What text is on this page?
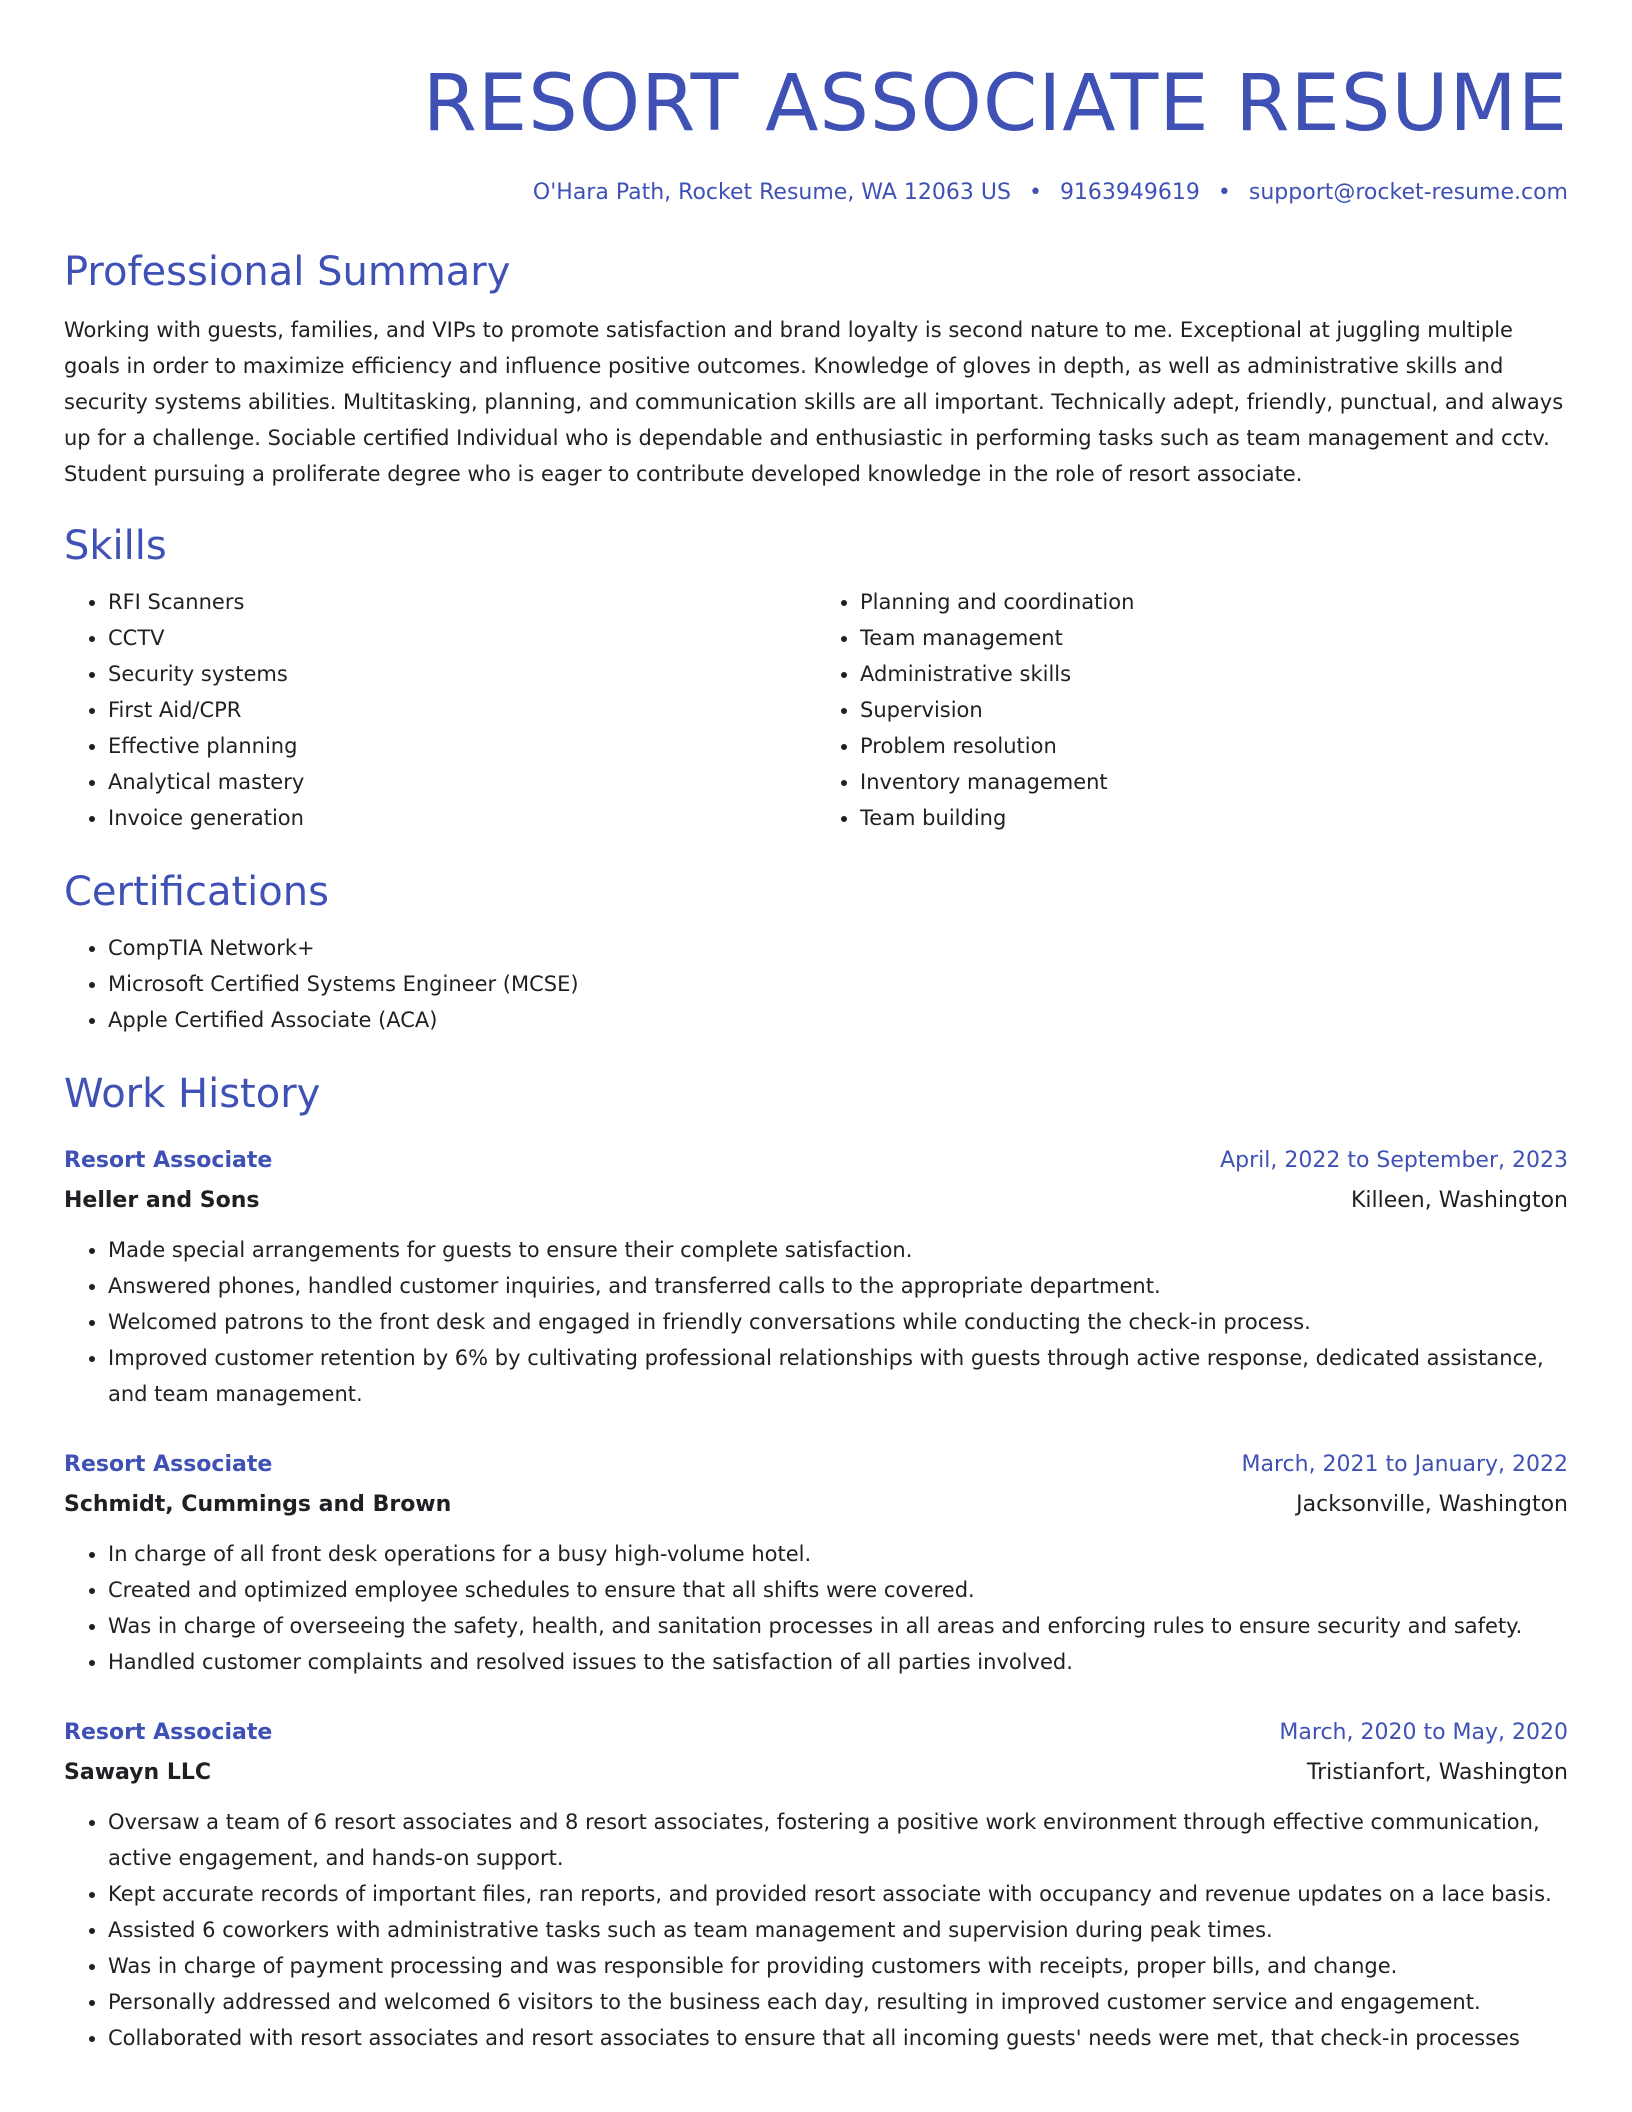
RESORT ASSOCIATE RESUME
O'Hara Path, Rocket Resume, WA 12063 US • 9163949619 • support@rocket-resume.com
Professional Summary

Working with guests, families, and VIPs to promote satisfaction and brand loyalty is second nature to me. Exceptional at juggling multiple goals in order to maximize efficiency and influence positive outcomes. Knowledge of gloves in depth, as well as administrative skills and security systems abilities. Multitasking, planning, and communication skills are all important. Technically adept, friendly, punctual, and always up for a challenge. Sociable certified Individual who is dependable and enthusiastic in performing tasks such as team management and cctv. Student pursuing a proliferate degree who is eager to contribute developed knowledge in the role of resort associate.

Skills
• RFI Scanners
• CCTV
• Security systems
• First Aid/CPR
• Effective planning
• Analytical mastery
• Invoice generation
• Planning and coordination
• Team management
• Administrative skills
• Supervision
• Problem resolution
• Inventory management
• Team building
Certifications
• CompTIA Network+
• Microsoft Certified Systems Engineer (MCSE)
• Apple Certified Associate (ACA)
Work History
Resort Associate	April, 2022 to September, 2023
Heller and Sons	Killeen, Washington
• Made special arrangements for guests to ensure their complete satisfaction.
• Answered phones, handled customer inquiries, and transferred calls to the appropriate department.
• Welcomed patrons to the front desk and engaged in friendly conversations while conducting the check-in process.
• Improved customer retention by 6% by cultivating professional relationships with guests through active response, dedicated assistance, and team management.
Resort Associate	March, 2021 to January, 2022
Schmidt, Cummings and Brown	Jacksonville, Washington
• In charge of all front desk operations for a busy high-volume hotel.
• Created and optimized employee schedules to ensure that all shifts were covered.
• Was in charge of overseeing the safety, health, and sanitation processes in all areas and enforcing rules to ensure security and safety.
• Handled customer complaints and resolved issues to the satisfaction of all parties involved.
Resort Associate	March, 2020 to May, 2020
Sawayn LLC	Tristianfort, Washington
• Oversaw a team of 6 resort associates and 8 resort associates, fostering a positive work environment through effective communication, active engagement, and hands-on support.
• Kept accurate records of important files, ran reports, and provided resort associate with occupancy and revenue updates on a lace basis.
• Assisted 6 coworkers with administrative tasks such as team management and supervision during peak times.
• Was in charge of payment processing and was responsible for providing customers with receipts, proper bills, and change.
• Personally addressed and welcomed 6 visitors to the business each day, resulting in improved customer service and engagement.
• Collaborated with resort associates and resort associates to ensure that all incoming guests' needs were met, that check-in processes
